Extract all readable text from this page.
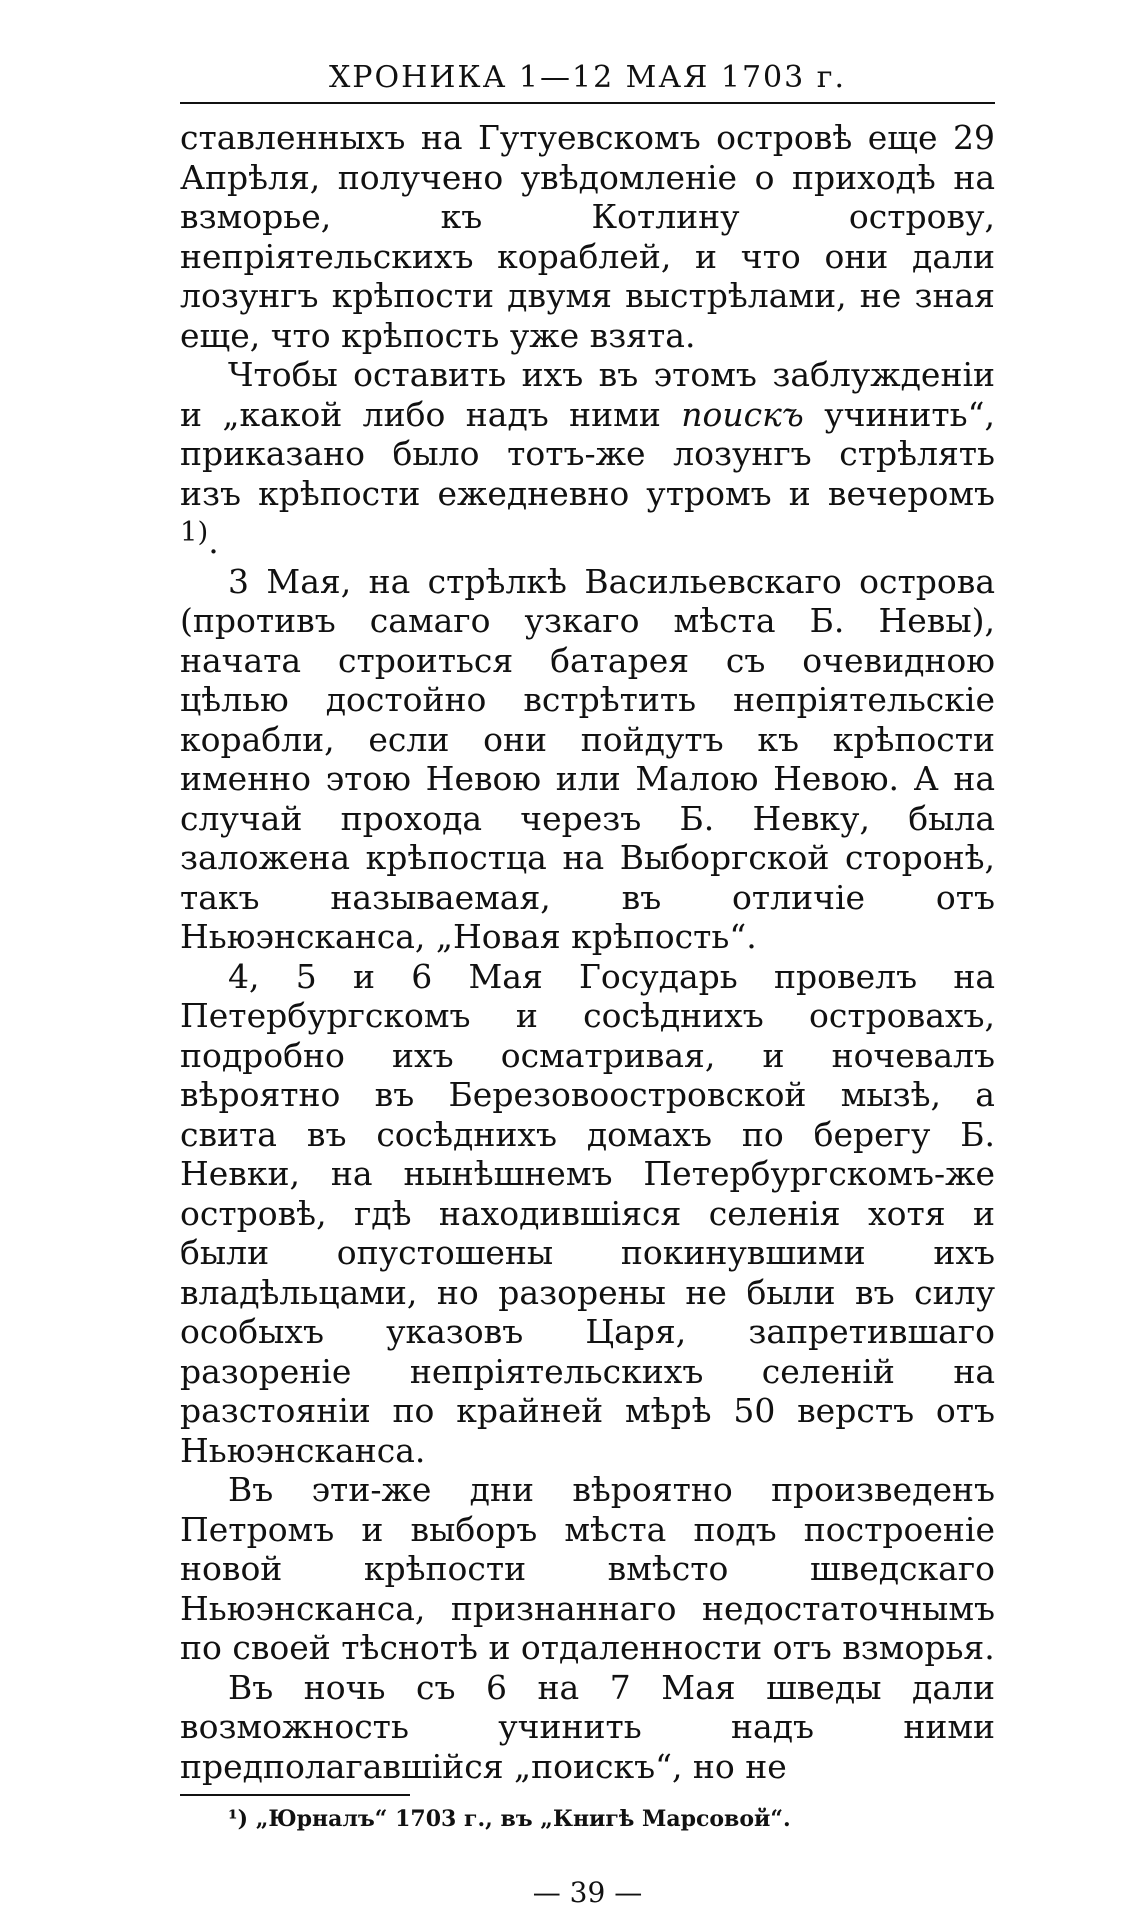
ХРОНИКА 1—12 МАЯ 1703 г.

ставленныхъ на Гутуевскомъ островѣ еще 29 Апрѣля, получено увѣдомленіе о приходѣ на взморье, къ Котлину острову, непріятельскихъ кораблей, и что они дали лозунгъ крѣпости двумя выстрѣлами, не зная еще, что крѣпость уже взята.

Чтобы оставить ихъ въ этомъ заблужденіи и „какой либо надъ ними поискъ учинить“, приказано было тотъ-же лозунгъ стрѣлять изъ крѣпости ежедневно утромъ и вечеромъ $^{1)}$.

3 Мая, на стрѣлкѣ Васильевскаго острова (противъ самаго узкаго мѣста Б. Невы), начата строиться батарея съ очевидною цѣлью достойно встрѣтить непріятельскіе корабли, если они пойдутъ къ крѣпости именно этою Невою или Малою Невою. А на случай прохода черезъ Б. Невку, была заложена крѣпостца на Выборгской сторонѣ, такъ называемая, въ отличіе отъ Ньюэнсканса, „Новая крѣпость“.

4, 5 и 6 Мая Государь провелъ на Петербургскомъ и сосѣднихъ островахъ, подробно ихъ осматривая, и ночевалъ вѣроятно въ Березовоостровской мызѣ, а свита въ сосѣднихъ домахъ по берегу Б. Невки, на нынѣшнемъ Петербургскомъ-же островѣ, гдѣ находившіяся селенія хотя и были опустошены покинувшими ихъ владѣльцами, но разорены не были въ силу особыхъ указовъ Царя, запретившаго разореніе непріятельскихъ селеній на разстояніи по крайней мѣрѣ 50 верстъ отъ Ньюэнсканса.

Въ эти-же дни вѣроятно произведенъ Петромъ и выборъ мѣста подъ построеніе новой крѣпости вмѣсто шведскаго Ньюэнсканса, признаннаго недостаточнымъ по своей тѣснотѣ и отдаленности отъ взморья.

Въ ночь съ 6 на 7 Мая шведы дали возможность учинить надъ ними предполагавшійся „поискъ“, но не

¹) „Юрналъ“ 1703 г., въ „Книгѣ Марсовой“.
— 39 —
